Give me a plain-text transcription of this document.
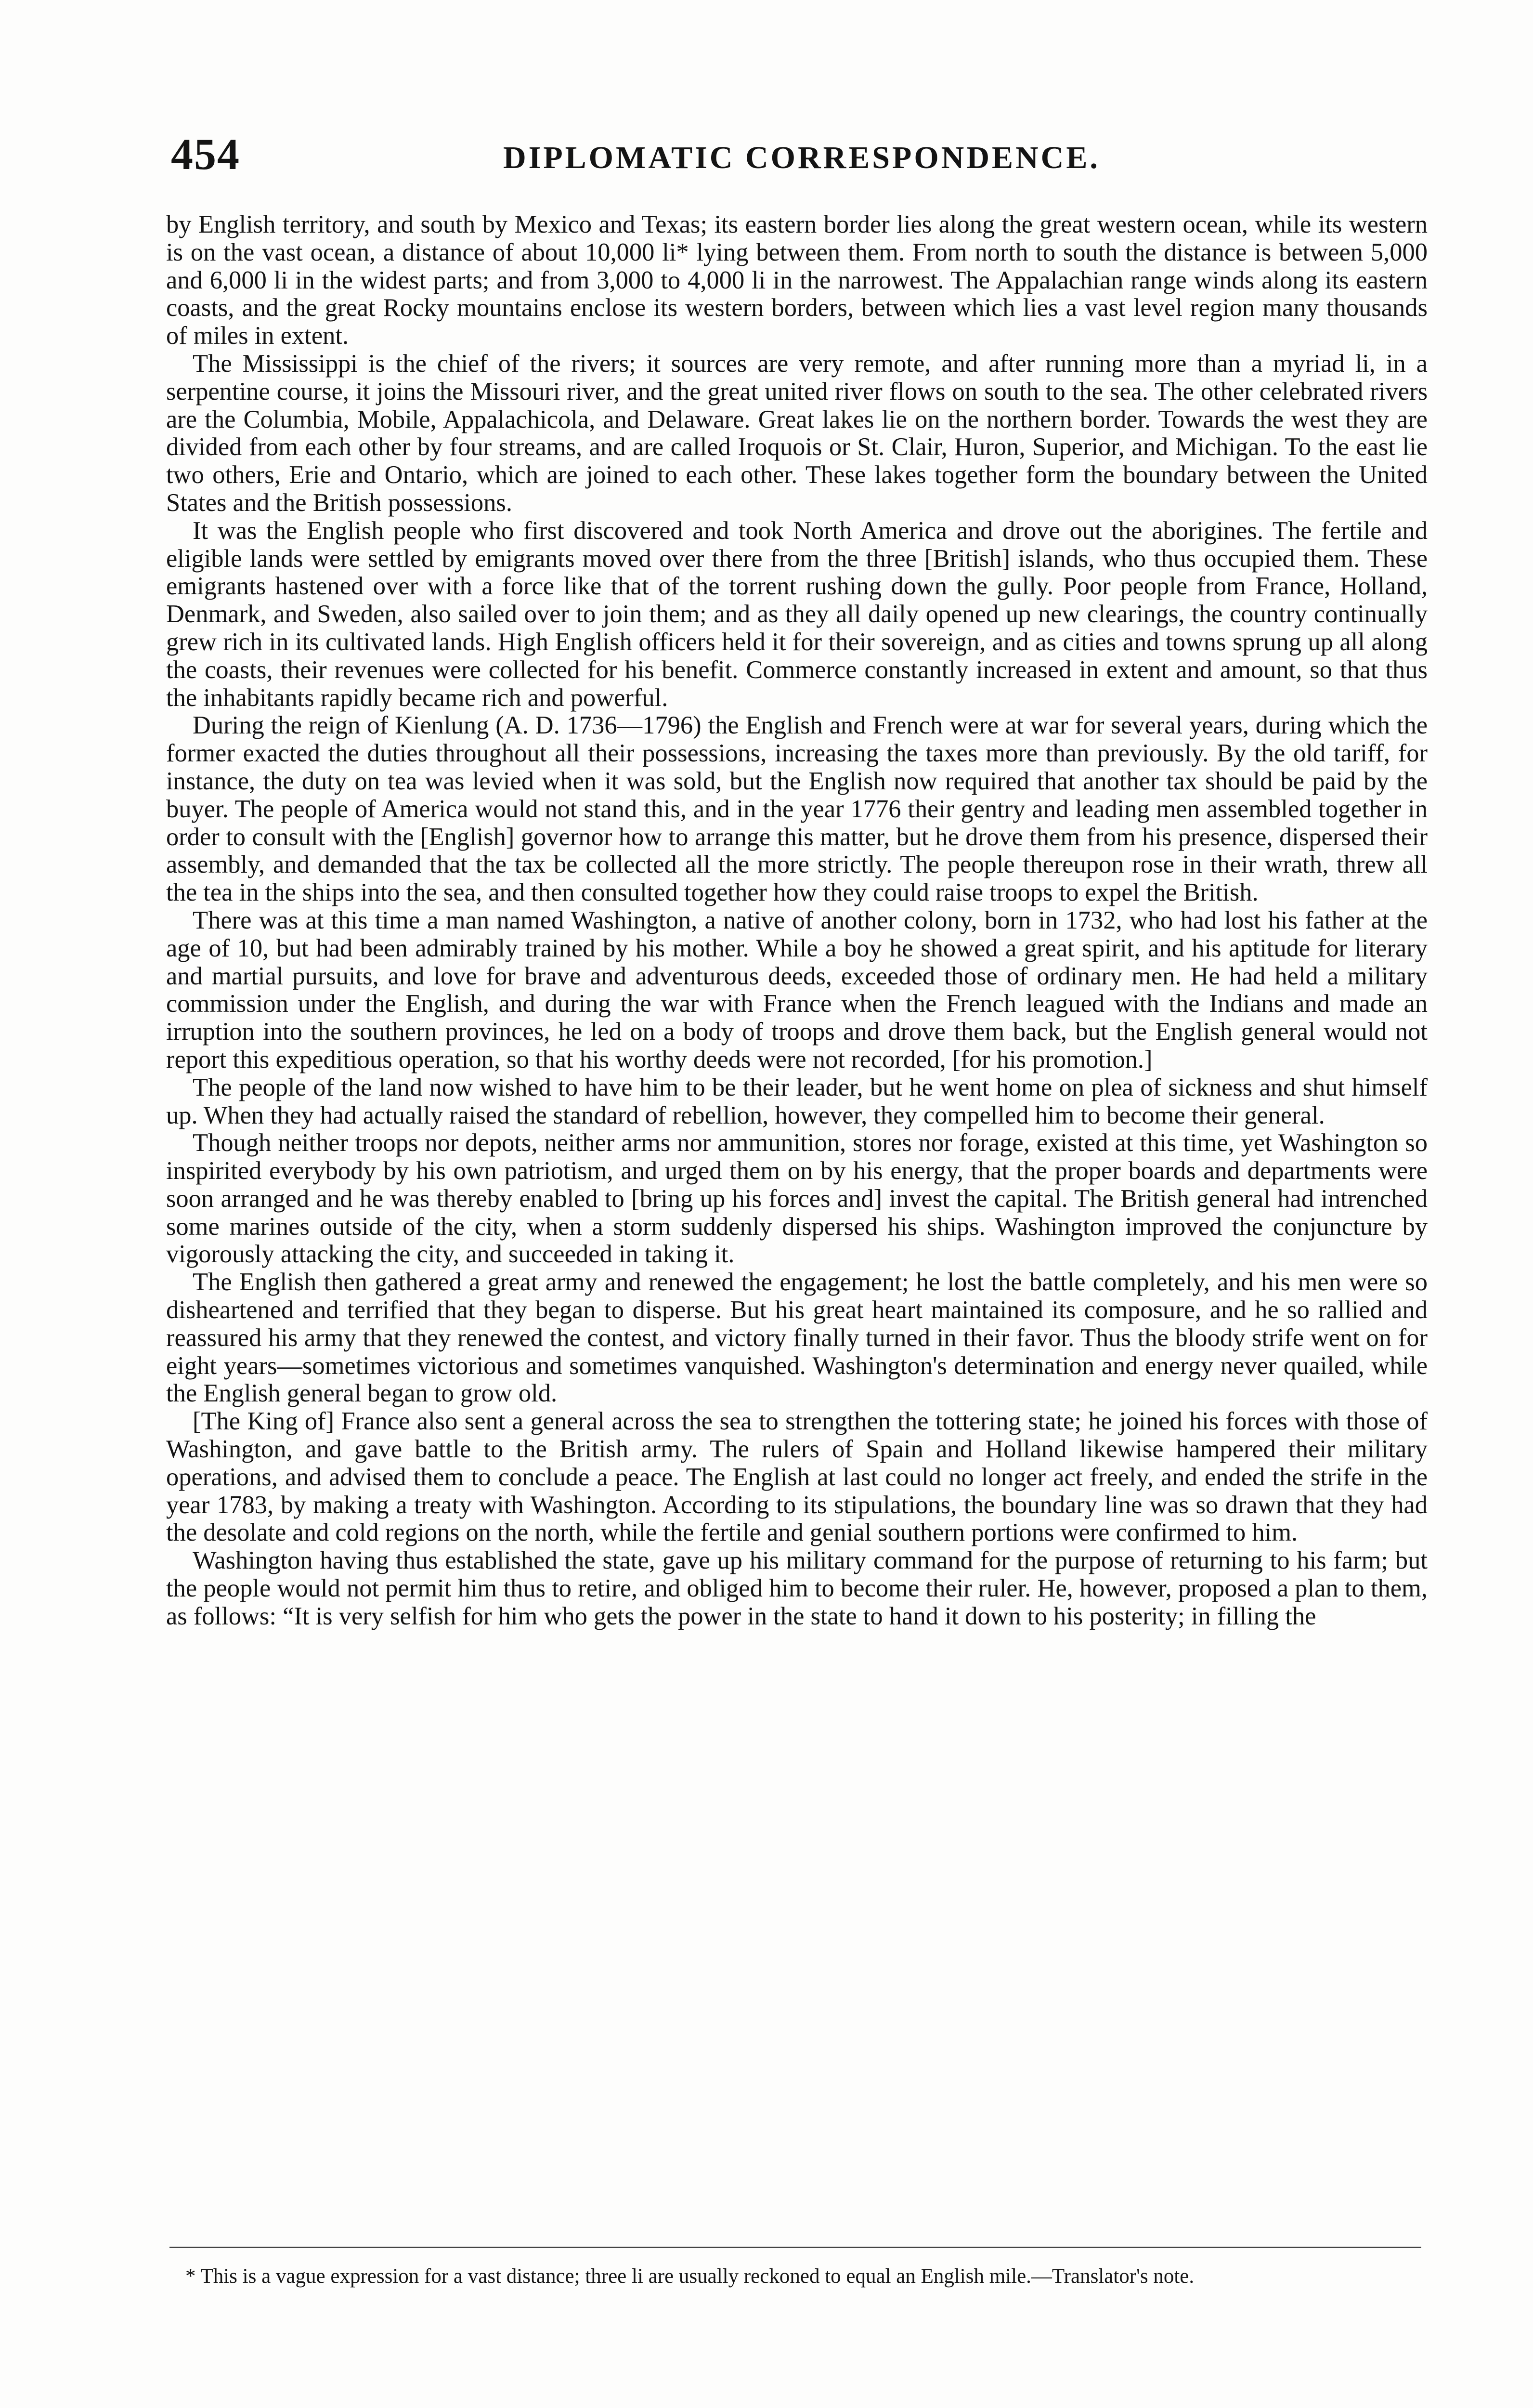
454	DIPLOMATIC CORRESPONDENCE.

by English territory, and south by Mexico and Texas; its eastern border lies along the great western ocean, while its western is on the vast ocean, a distance of about 10,000 li* lying between them. From north to south the distance is between 5,000 and 6,000 li in the widest parts; and from 3,000 to 4,000 li in the narrowest. The Appalachian range winds along its eastern coasts, and the great Rocky mountains enclose its western borders, between which lies a vast level region many thousands of miles in extent.

The Mississippi is the chief of the rivers; it sources are very remote, and after running more than a myriad li, in a serpentine course, it joins the Missouri river, and the great united river flows on south to the sea. The other celebrated rivers are the Columbia, Mobile, Appalachicola, and Delaware. Great lakes lie on the northern border. Towards the west they are divided from each other by four streams, and are called Iroquois or St. Clair, Huron, Superior, and Michigan. To the east lie two others, Erie and Ontario, which are joined to each other. These lakes together form the boundary between the United States and the British possessions.

It was the English people who first discovered and took North America and drove out the aborigines. The fertile and eligible lands were settled by emigrants moved over there from the three [British] islands, who thus occupied them. These emigrants hastened over with a force like that of the torrent rushing down the gully. Poor people from France, Holland, Denmark, and Sweden, also sailed over to join them; and as they all daily opened up new clearings, the country continually grew rich in its cultivated lands. High English officers held it for their sovereign, and as cities and towns sprung up all along the coasts, their revenues were collected for his benefit. Commerce constantly increased in extent and amount, so that thus the inhabitants rapidly became rich and powerful.

During the reign of Kienlung (A. D. 1736—1796) the English and French were at war for several years, during which the former exacted the duties throughout all their possessions, increasing the taxes more than previously. By the old tariff, for instance, the duty on tea was levied when it was sold, but the English now required that another tax should be paid by the buyer. The people of America would not stand this, and in the year 1776 their gentry and leading men assembled together in order to consult with the [English] governor how to arrange this matter, but he drove them from his presence, dispersed their assembly, and demanded that the tax be collected all the more strictly. The people thereupon rose in their wrath, threw all the tea in the ships into the sea, and then consulted together how they could raise troops to expel the British.

There was at this time a man named Washington, a native of another colony, born in 1732, who had lost his father at the age of 10, but had been admirably trained by his mother. While a boy he showed a great spirit, and his aptitude for literary and martial pursuits, and love for brave and adventurous deeds, exceeded those of ordinary men. He had held a military commission under the English, and during the war with France when the French leagued with the Indians and made an irruption into the southern provinces, he led on a body of troops and drove them back, but the English general would not report this expeditious operation, so that his worthy deeds were not recorded, [for his promotion.]

The people of the land now wished to have him to be their leader, but he went home on plea of sickness and shut himself up. When they had actually raised the standard of rebellion, however, they compelled him to become their general.

Though neither troops nor depots, neither arms nor ammunition, stores nor forage, existed at this time, yet Washington so inspirited everybody by his own patriotism, and urged them on by his energy, that the proper boards and departments were soon arranged and he was thereby enabled to [bring up his forces and] invest the capital. The British general had intrenched some marines outside of the city, when a storm suddenly dispersed his ships. Washington improved the conjuncture by vigorously attacking the city, and succeeded in taking it.

The English then gathered a great army and renewed the engagement; he lost the battle completely, and his men were so disheartened and terrified that they began to disperse. But his great heart maintained its composure, and he so rallied and reassured his army that they renewed the contest, and victory finally turned in their favor. Thus the bloody strife went on for eight years—sometimes victorious and sometimes vanquished. Washington's determination and energy never quailed, while the English general began to grow old.

[The King of] France also sent a general across the sea to strengthen the tottering state; he joined his forces with those of Washington, and gave battle to the British army. The rulers of Spain and Holland likewise hampered their military operations, and advised them to conclude a peace. The English at last could no longer act freely, and ended the strife in the year 1783, by making a treaty with Washington. According to its stipulations, the boundary line was so drawn that they had the desolate and cold regions on the north, while the fertile and genial southern portions were confirmed to him.

Washington having thus established the state, gave up his military command for the purpose of returning to his farm; but the people would not permit him thus to retire, and obliged him to become their ruler. He, however, proposed a plan to them, as follows: “It is very selfish for him who gets the power in the state to hand it down to his posterity; in filling the

* This is a vague expression for a vast distance; three li are usually reckoned to equal an English mile.—Translator's note.
